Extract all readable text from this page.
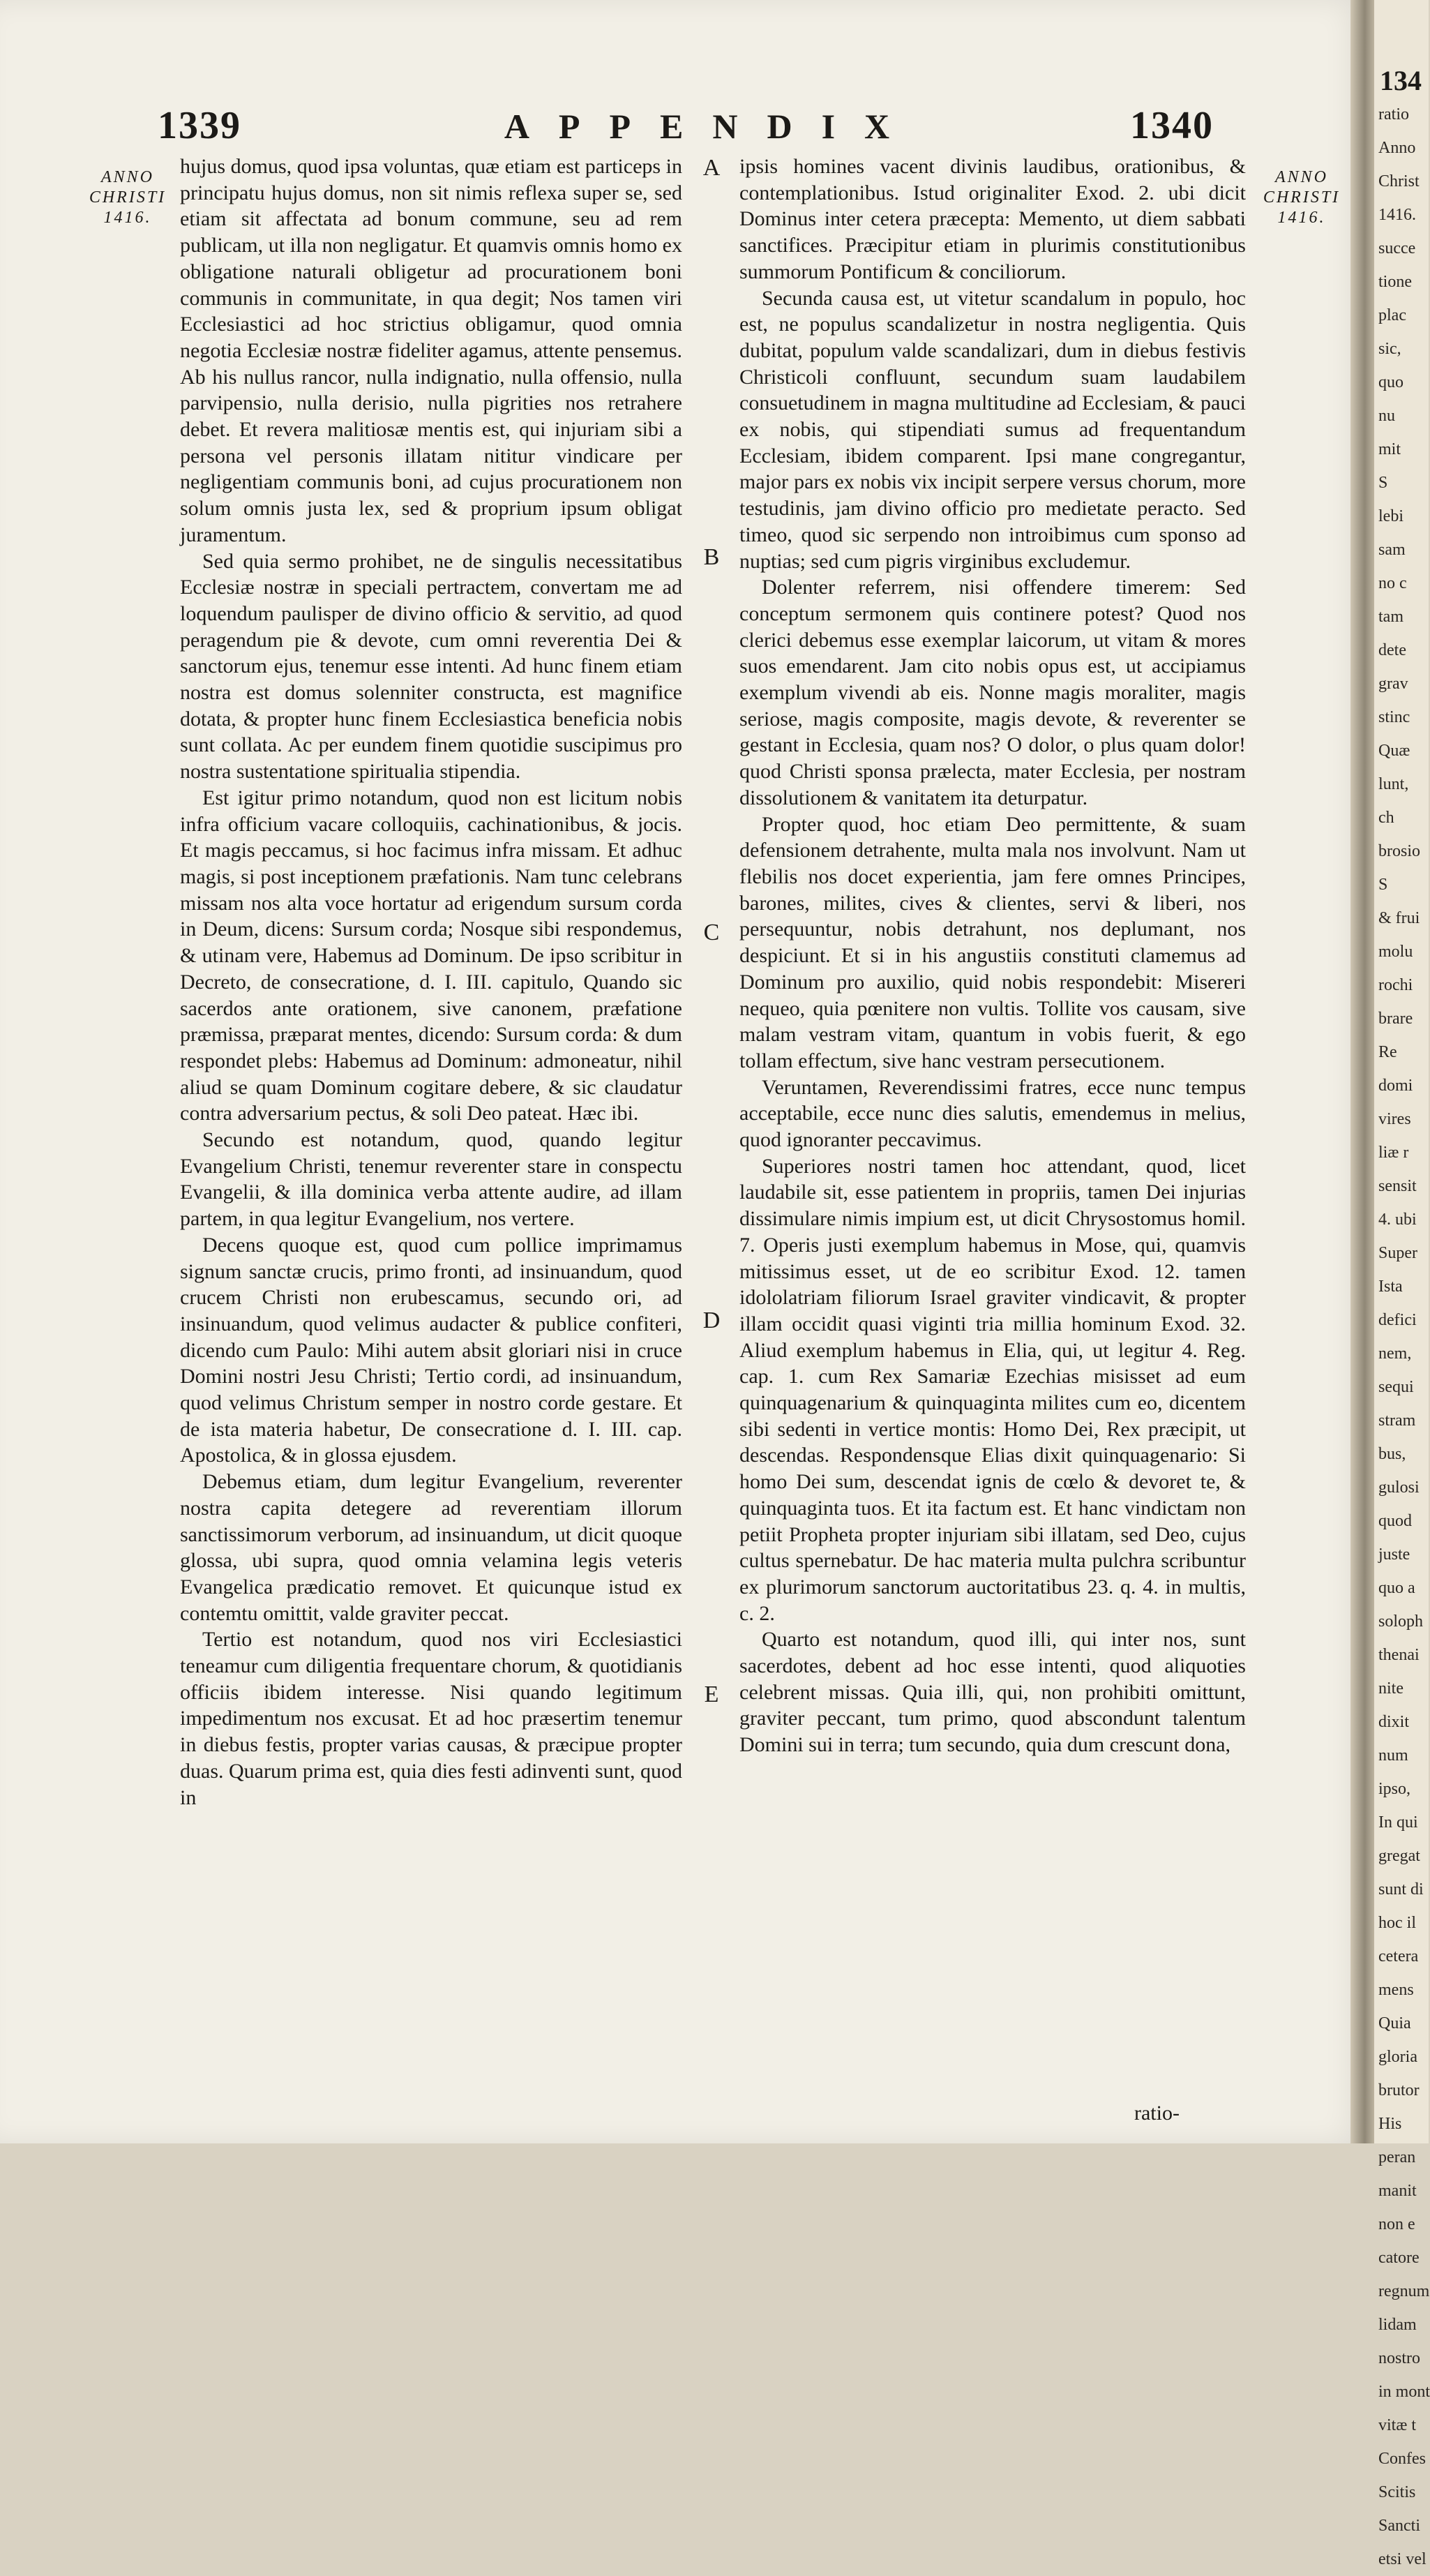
1339	APPENDIX	1340
ANNO
CHRISTI
1416.
ANNO
CHRISTI
1416.
A
B
C
D
E

hujus domus, quod ipsa voluntas, quæ etiam est particeps in principatu hujus domus, non sit nimis reflexa super se, sed etiam sit affectata ad bonum commune, seu ad rem publicam, ut illa non negligatur. Et quamvis omnis homo ex obligatione naturali obligetur ad procurationem boni communis in communitate, in qua degit; Nos tamen viri Ecclesiastici ad hoc strictius obligamur, quod omnia negotia Ecclesiæ nostræ fideliter agamus, attente pensemus. Ab his nullus rancor, nulla indignatio, nulla offensio, nulla parvipensio, nulla derisio, nulla pigrities nos retrahere debet. Et revera malitiosæ mentis est, qui injuriam sibi a persona vel personis illatam nititur vindicare per negligentiam communis boni, ad cujus procurationem non solum omnis justa lex, sed & proprium ipsum obligat juramentum.

Sed quia sermo prohibet, ne de singulis necessitatibus Ecclesiæ nostræ in speciali pertractem, convertam me ad loquendum paulisper de divino officio & servitio, ad quod peragendum pie & devote, cum omni reverentia Dei & sanctorum ejus, tenemur esse intenti. Ad hunc finem etiam nostra est domus solenniter constructa, est magnifice dotata, & propter hunc finem Ecclesiastica beneficia nobis sunt collata. Ac per eundem finem quotidie suscipimus pro nostra sustentatione spiritualia stipendia.

Est igitur primo notandum, quod non est licitum nobis infra officium vacare colloquiis, cachinationibus, & jocis. Et magis peccamus, si hoc facimus infra missam. Et adhuc magis, si post inceptionem præfationis. Nam tunc celebrans missam nos alta voce hortatur ad erigendum sursum corda in Deum, dicens: Sursum corda; Nosque sibi respondemus, & utinam vere, Habemus ad Dominum. De ipso scribitur in Decreto, de consecratione, d. I. III. capitulo, Quando sic sacerdos ante orationem, sive canonem, præfatione præmissa, præparat mentes, dicendo: Sursum corda: & dum respondet plebs: Habemus ad Dominum: admoneatur, nihil aliud se quam Dominum cogitare debere, & sic claudatur contra adversarium pectus, & soli Deo pateat. Hæc ibi.

Secundo est notandum, quod, quando legitur Evangelium Christi, tenemur reverenter stare in conspectu Evangelii, & illa dominica verba attente audire, ad illam partem, in qua legitur Evangelium, nos vertere.

Decens quoque est, quod cum pollice imprimamus signum sanctæ crucis, primo fronti, ad insinuandum, quod crucem Christi non erubescamus, secundo ori, ad insinuandum, quod velimus audacter & publice confiteri, dicendo cum Paulo: Mihi autem absit gloriari nisi in cruce Domini nostri Jesu Christi; Tertio cordi, ad insinuandum, quod velimus Christum semper in nostro corde gestare. Et de ista materia habetur, De consecratione d. I. III. cap. Apostolica, & in glossa ejusdem.

Debemus etiam, dum legitur Evangelium, reverenter nostra capita detegere ad reverentiam illorum sanctissimorum verborum, ad insinuandum, ut dicit quoque glossa, ubi supra, quod omnia velamina legis veteris Evangelica prædicatio removet. Et quicunque istud ex contemtu omittit, valde graviter peccat.

Tertio est notandum, quod nos viri Ecclesiastici teneamur cum diligentia frequentare chorum, & quotidianis officiis ibidem interesse. Nisi quando legitimum impedimentum nos excusat. Et ad hoc præsertim tenemur in diebus festis, propter varias causas, & præcipue propter duas. Quarum prima est, quia dies festi adinventi sunt, quod in

ipsis homines vacent divinis laudibus, orationibus, & contemplationibus. Istud originaliter Exod. 2. ubi dicit Dominus inter cetera præcepta: Memento, ut diem sabbati sanctifices. Præcipitur etiam in plurimis constitutionibus summorum Pontificum & conciliorum.

Secunda causa est, ut vitetur scandalum in populo, hoc est, ne populus scandalizetur in nostra negligentia. Quis dubitat, populum valde scandalizari, dum in diebus festivis Christicoli confluunt, secundum suam laudabilem consuetudinem in magna multitudine ad Ecclesiam, & pauci ex nobis, qui stipendiati sumus ad frequentandum Ecclesiam, ibidem comparent. Ipsi mane congregantur, major pars ex nobis vix incipit serpere versus chorum, more testudinis, jam divino officio pro medietate peracto. Sed timeo, quod sic serpendo non introibimus cum sponso ad nuptias; sed cum pigris virginibus excludemur.

Dolenter referrem, nisi offendere timerem: Sed conceptum sermonem quis continere potest? Quod nos clerici debemus esse exemplar laicorum, ut vitam & mores suos emendarent. Jam cito nobis opus est, ut accipiamus exemplum vivendi ab eis. Nonne magis moraliter, magis seriose, magis composite, magis devote, & reverenter se gestant in Ecclesia, quam nos? O dolor, o plus quam dolor! quod Christi sponsa prælecta, mater Ecclesia, per nostram dissolutionem & vanitatem ita deturpatur.

Propter quod, hoc etiam Deo permittente, & suam defensionem detrahente, multa mala nos involvunt. Nam ut flebilis nos docet experientia, jam fere omnes Principes, barones, milites, cives & clientes, servi & liberi, nos persequuntur, nobis detrahunt, nos deplumant, nos despiciunt. Et si in his angustiis constituti clamemus ad Dominum pro auxilio, quid nobis respondebit: Misereri nequeo, quia pœnitere non vultis. Tollite vos causam, sive malam vestram vitam, quantum in vobis fuerit, & ego tollam effectum, sive hanc vestram persecutionem.

Veruntamen, Reverendissimi fratres, ecce nunc tempus acceptabile, ecce nunc dies salutis, emendemus in melius, quod ignoranter peccavimus.

Superiores nostri tamen hoc attendant, quod, licet laudabile sit, esse patientem in propriis, tamen Dei injurias dissimulare nimis impium est, ut dicit Chrysostomus homil. 7. Operis justi exemplum habemus in Mose, qui, quamvis mitissimus esset, ut de eo scribitur Exod. 12. tamen idololatriam filiorum Israel graviter vindicavit, & propter illam occidit quasi viginti tria millia hominum Exod. 32. Aliud exemplum habemus in Elia, qui, ut legitur 4. Reg. cap. 1. cum Rex Samariæ Ezechias misisset ad eum quinquagenarium & quinquaginta milites cum eo, dicentem sibi sedenti in vertice montis: Homo Dei, Rex præcipit, ut descendas. Respondensque Elias dixit quinquagenario: Si homo Dei sum, descendat ignis de cœlo & devoret te, & quinquaginta tuos. Et ita factum est. Et hanc vindictam non petiit Propheta propter injuriam sibi illatam, sed Deo, cujus cultus spernebatur. De hac materia multa pulchra scribuntur ex plurimorum sanctorum auctoritatibus 23. q. 4. in multis, c. 2.

Quarto est notandum, quod illi, qui inter nos, sunt sacerdotes, debent ad hoc esse intenti, quod aliquoties celebrent missas. Quia illi, qui, non prohibiti omittunt, graviter peccant, tum primo, quod abscondunt talentum Domini sui in terra; tum secundo, quia dum crescunt dona,

ratio-
134
ratio
Anno
Christ
1416.
succe
tione
plac
sic,
quo
nu
mit
S
lebi
sam
no c
tam
dete
grav
stinc
Quæ
lunt,
ch
brosio
S
& frui
molu
rochi
brare
Re
domi
vires
liæ r
sensit
4. ubi
Super
Ista
defici
nem,
sequi
stram
bus,
gulosi
quod
juste
quo a
soloph
thenai
nite
dixit
num
ipso,
In qui
gregat
sunt di
hoc il
cetera
mens
Quia
gloria
brutor
His
peran
manit
non e
catore
regnum
lidam
nostro
in mont
vitæ t
Confes
Scitis
Sancti
etsi vel
